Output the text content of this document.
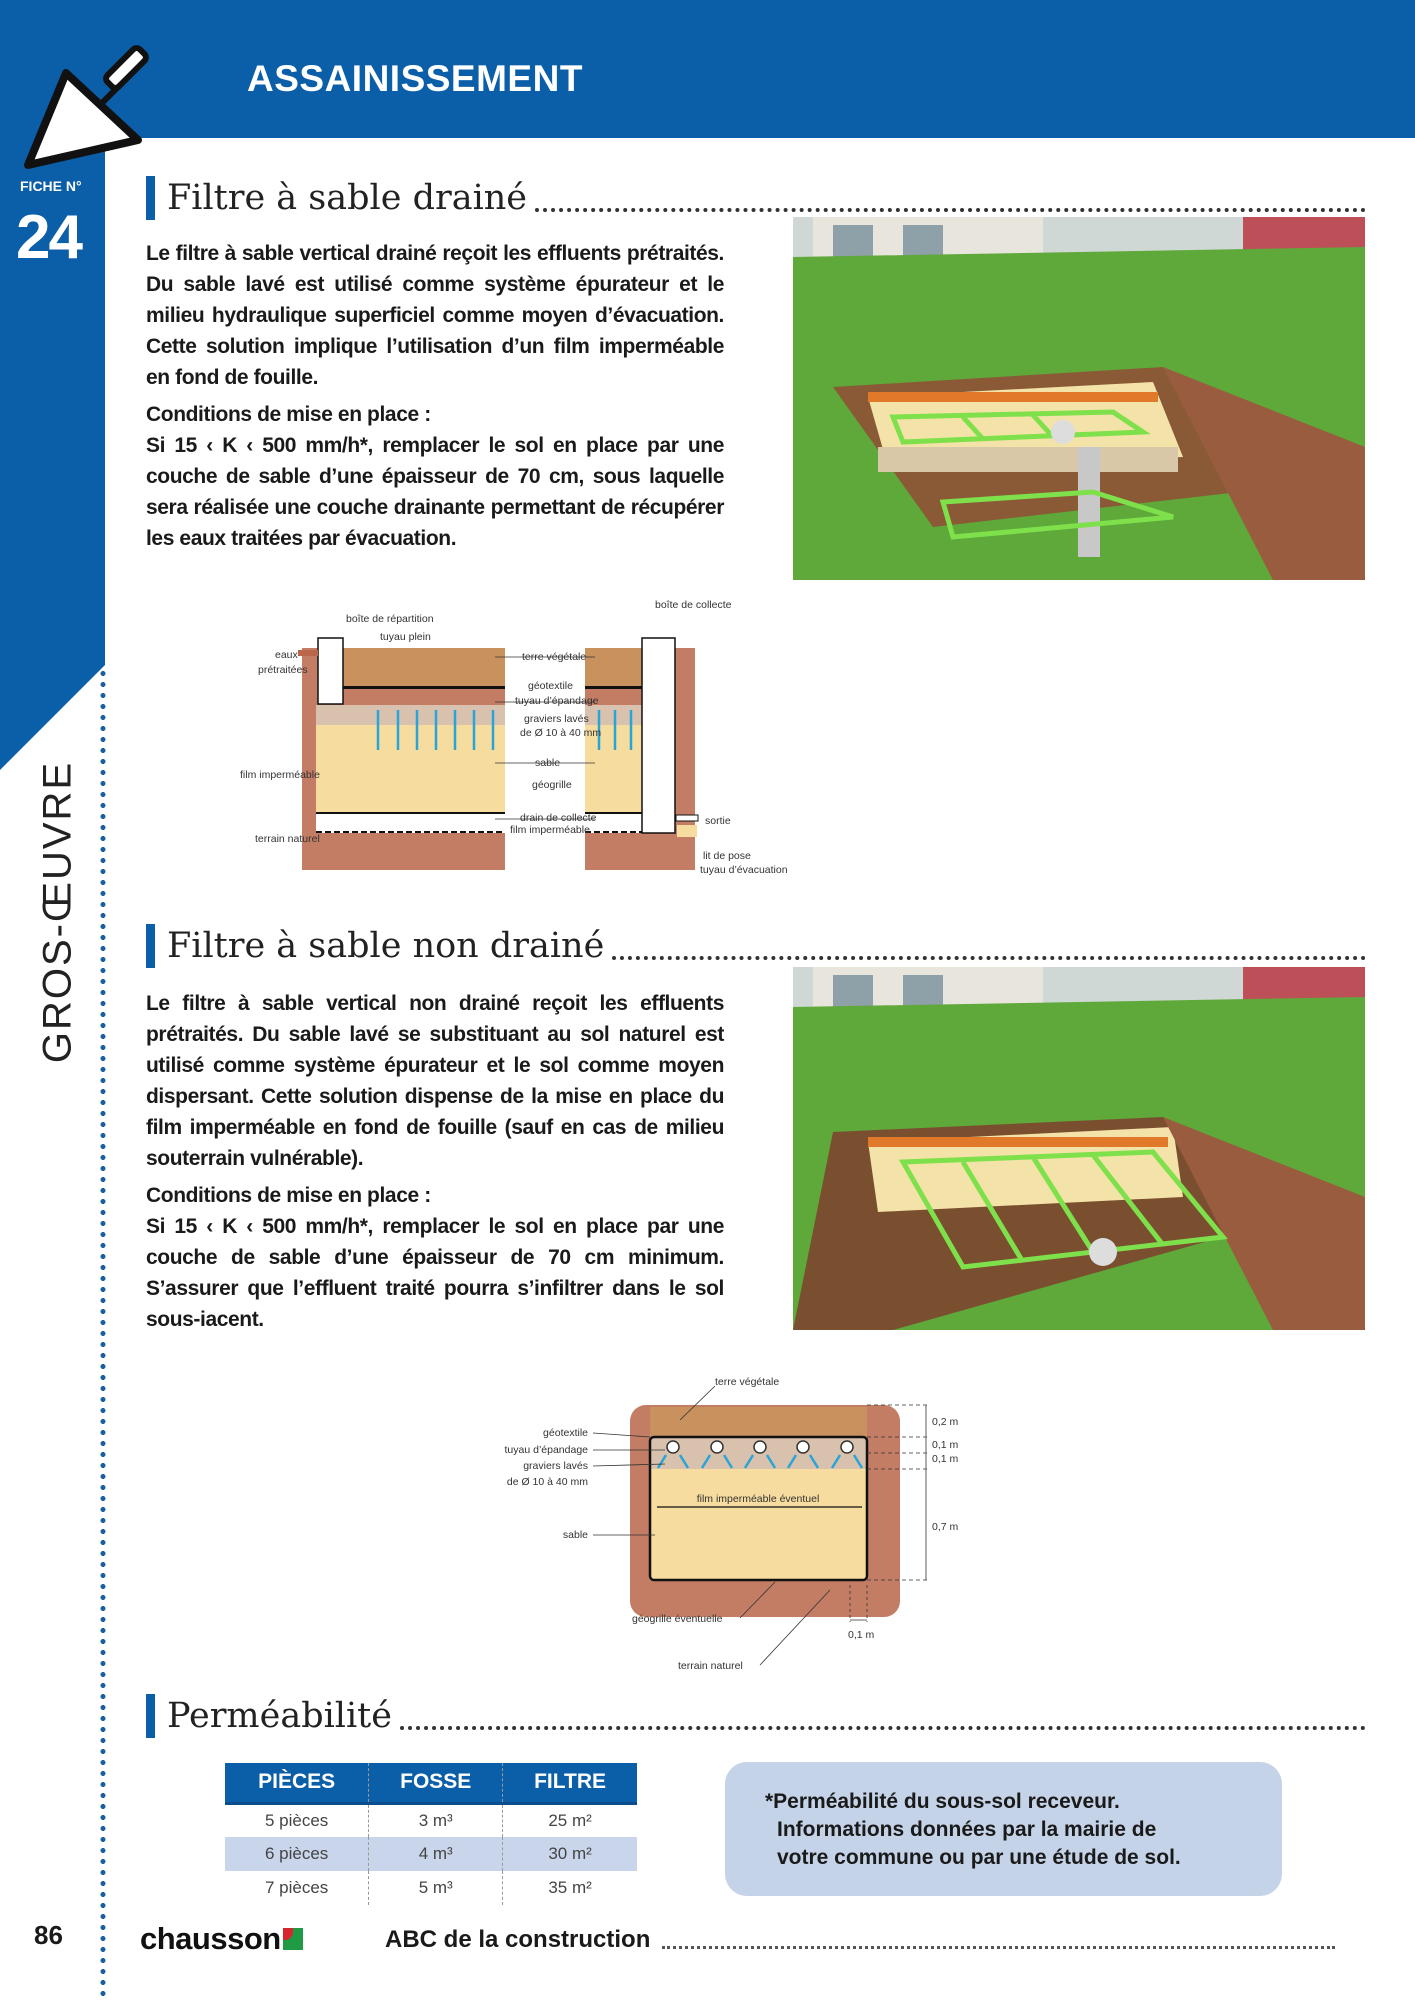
ASSAINISSEMENT
FICHE N°
24
GROS-ŒUVRE
Filtre à sable drainé

Le filtre à sable vertical drainé reçoit les effluents prétraités. Du sable lavé est utilisé comme système épurateur et le milieu hydraulique superficiel comme moyen d’évacuation. Cette solution implique l’utilisation d’un film imperméable en fond de fouille.

Conditions de mise en place :

Si 15 ‹ K ‹ 500 mm/h*, remplacer le sol en place par une couche de sable d’une épaisseur de 70 cm, sous laquelle sera réalisée une couche drainante permettant de récupérer les eaux traitées par évacuation.

boîte de répartition
tuyau plein
eaux
prétraitées
terre végétale
géotextile
tuyau d’épandage
graviers lavés
de Ø 10 à 40 mm
sable
géogrille
drain de collecte
film imperméable
film imperméable
terrain naturel
boîte de collecte
sortie
lit de pose
tuyau d’évacuation
Filtre à sable non drainé

Le filtre à sable vertical non drainé reçoit les effluents prétraités. Du sable lavé se substituant au sol naturel est utilisé comme système épurateur et le sol comme moyen dispersant. Cette solution dispense de la mise en place du film imperméable en fond de fouille (sauf en cas de milieu souterrain vulnérable).

Conditions de mise en place :

Si 15 ‹ K ‹ 500 mm/h*, remplacer le sol en place par une couche de sable d’une épaisseur de 70 cm minimum. S’assurer que l’effluent traité pourra s’infiltrer dans le sol sous-iacent.

terre végétale
géotextile
tuyau d’épandage
graviers lavés
de Ø 10 à 40 mm
film imperméable éventuel
sable
géogrille éventuelle
terrain naturel
0,2 m
0,1 m
0,1 m
0,7 m
0,1 m
Perméabilité
PIÈCES	FOSSE	FILTRE
5 pièces	3 m³	25 m²
6 pièces	4 m³	30 m²
7 pièces	5 m³	35 m²
*Perméabilité du sous-sol receveur.
Informations données par la mairie de
votre commune ou par une étude de sol.
86 chausson	ABC de la construction
